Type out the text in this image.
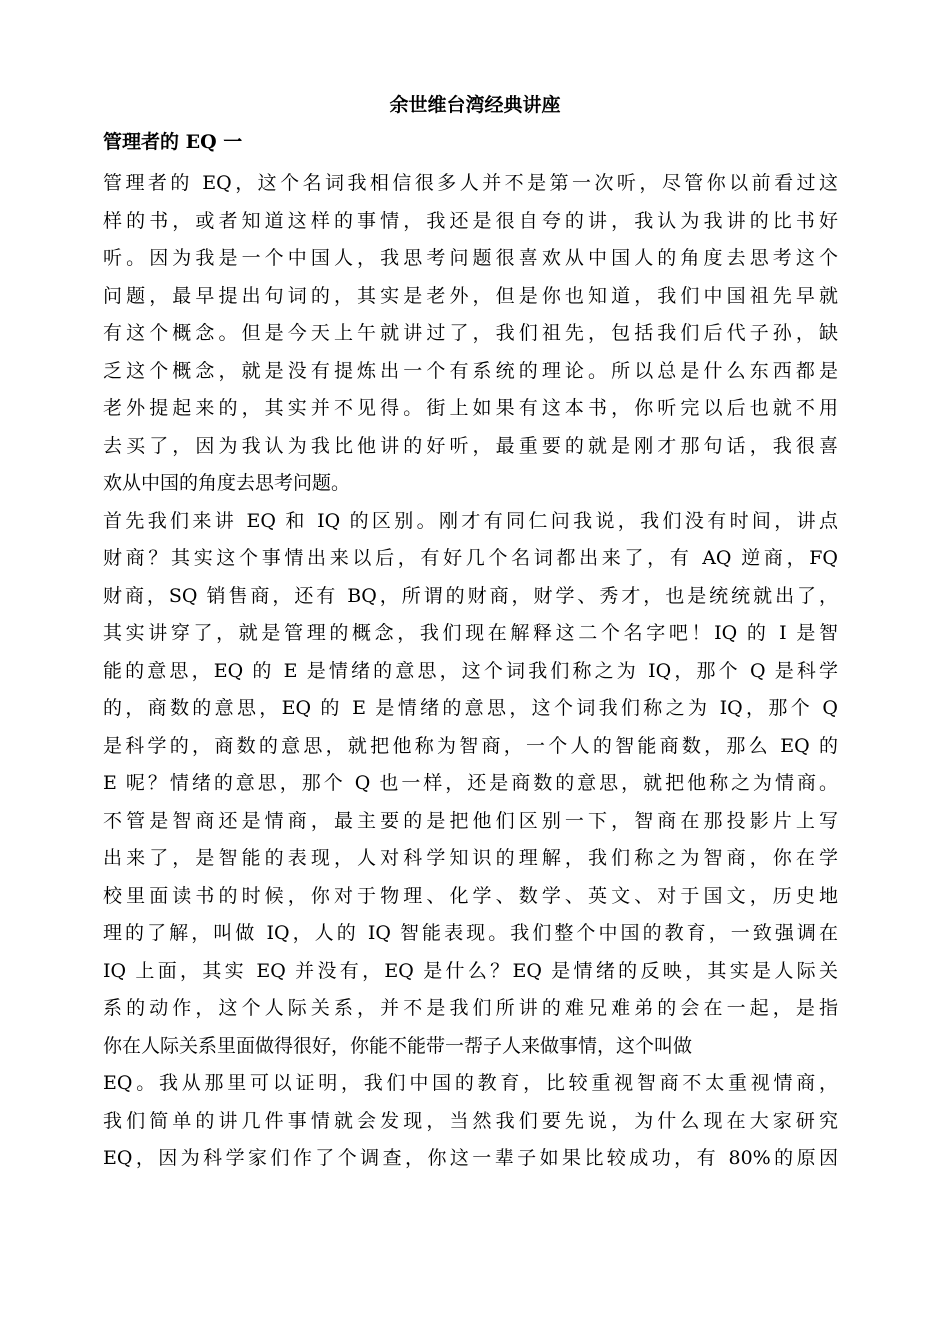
余世维台湾经典讲座
管理者的 EQ 一
管理者的 EQ，这个名词我相信很多人并不是第一次听，尽管你以前看过这
样的书，或者知道这样的事情，我还是很自夸的讲，我认为我讲的比书好
听。因为我是一个中国人，我思考问题很喜欢从中国人的角度去思考这个
问题，最早提出句词的，其实是老外，但是你也知道，我们中国祖先早就
有这个概念。但是今天上午就讲过了，我们祖先，包括我们后代子孙，缺
乏这个概念，就是没有提炼出一个有系统的理论。所以总是什么东西都是
老外提起来的，其实并不见得。街上如果有这本书，你听完以后也就不用
去买了，因为我认为我比他讲的好听，最重要的就是刚才那句话，我很喜
欢从中国的角度去思考问题。
首先我们来讲 EQ 和 IQ 的区别。刚才有同仁问我说，我们没有时间，讲点
财商？其实这个事情出来以后，有好几个名词都出来了，有 AQ 逆商，FQ
财商，SQ 销售商，还有 BQ，所谓的财商，财学、秀才，也是统统就出了，
其实讲穿了，就是管理的概念，我们现在解释这二个名字吧！IQ 的 I 是智
能的意思，EQ 的 E 是情绪的意思，这个词我们称之为 IQ，那个 Q 是科学
的，商数的意思，EQ 的 E 是情绪的意思，这个词我们称之为 IQ，那个 Q
是科学的，商数的意思，就把他称为智商，一个人的智能商数，那么 EQ 的
E 呢？情绪的意思，那个 Q 也一样，还是商数的意思，就把他称之为情商。
不管是智商还是情商，最主要的是把他们区别一下，智商在那投影片上写
出来了，是智能的表现，人对科学知识的理解，我们称之为智商，你在学
校里面读书的时候，你对于物理、化学、数学、英文、对于国文，历史地
理的了解，叫做 IQ，人的 IQ 智能表现。我们整个中国的教育，一致强调在
IQ 上面，其实 EQ 并没有，EQ 是什么？EQ 是情绪的反映，其实是人际关
系的动作，这个人际关系，并不是我们所讲的难兄难弟的会在一起，是指
你在人际关系里面做得很好，你能不能带一帮子人来做事情，这个叫做
EQ。我从那里可以证明，我们中国的教育，比较重视智商不太重视情商，
我们简单的讲几件事情就会发现，当然我们要先说，为什么现在大家研究
EQ，因为科学家们作了个调查，你这一辈子如果比较成功，有 80%的原因
